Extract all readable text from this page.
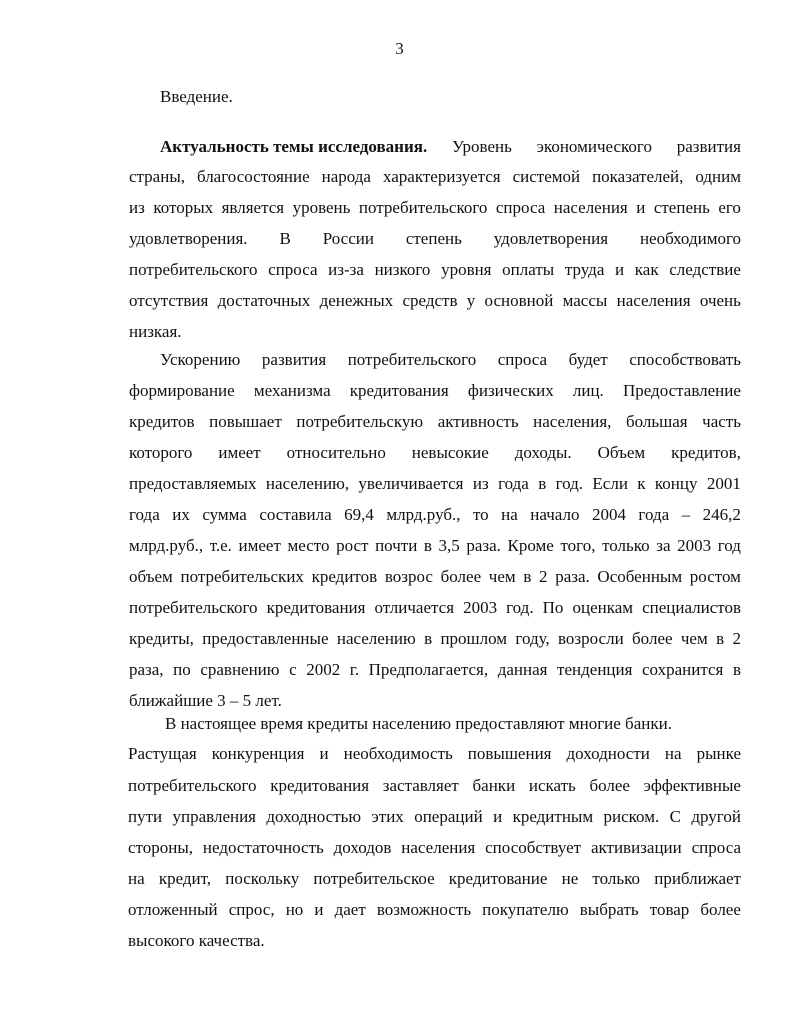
3
Введение.
Актуальность темы исследования. Уровень экономического развития
страны, благосостояние народа характеризуется системой показателей, одним
из которых является уровень потребительского спроса населения и степень его
удовлетворения. В России степень удовлетворения необходимого
потребительского спроса из-за низкого уровня оплаты труда и как следствие
отсутствия достаточных денежных средств у основной массы населения очень
низкая.
Ускорению развития потребительского спроса будет способствовать
формирование механизма кредитования физических лиц. Предоставление
кредитов повышает потребительскую активность населения, большая часть
которого имеет относительно невысокие доходы. Объем кредитов,
предоставляемых населению, увеличивается из года в год. Если к концу 2001
года их сумма составила 69,4 млрд.руб., то на начало 2004 года – 246,2
млрд.руб., т.е. имеет место рост почти в 3,5 раза. Кроме того, только за 2003 год
объем потребительских кредитов возрос более чем в 2 раза. Особенным ростом
потребительского кредитования отличается 2003 год. По оценкам специалистов
кредиты, предоставленные населению в прошлом году, возросли более чем в 2
раза, по сравнению с 2002 г. Предполагается, данная тенденция сохранится в
ближайшие 3 – 5 лет.
В настоящее время кредиты населению предоставляют многие банки.
Растущая конкуренция и необходимость повышения доходности на рынке
потребительского кредитования заставляет банки искать более эффективные
пути управления доходностью этих операций и кредитным риском. С другой
стороны, недостаточность доходов населения способствует активизации спроса
на кредит, поскольку потребительское кредитование не только приближает
отложенный спрос, но и дает возможность покупателю выбрать товар более
высокого качества.
